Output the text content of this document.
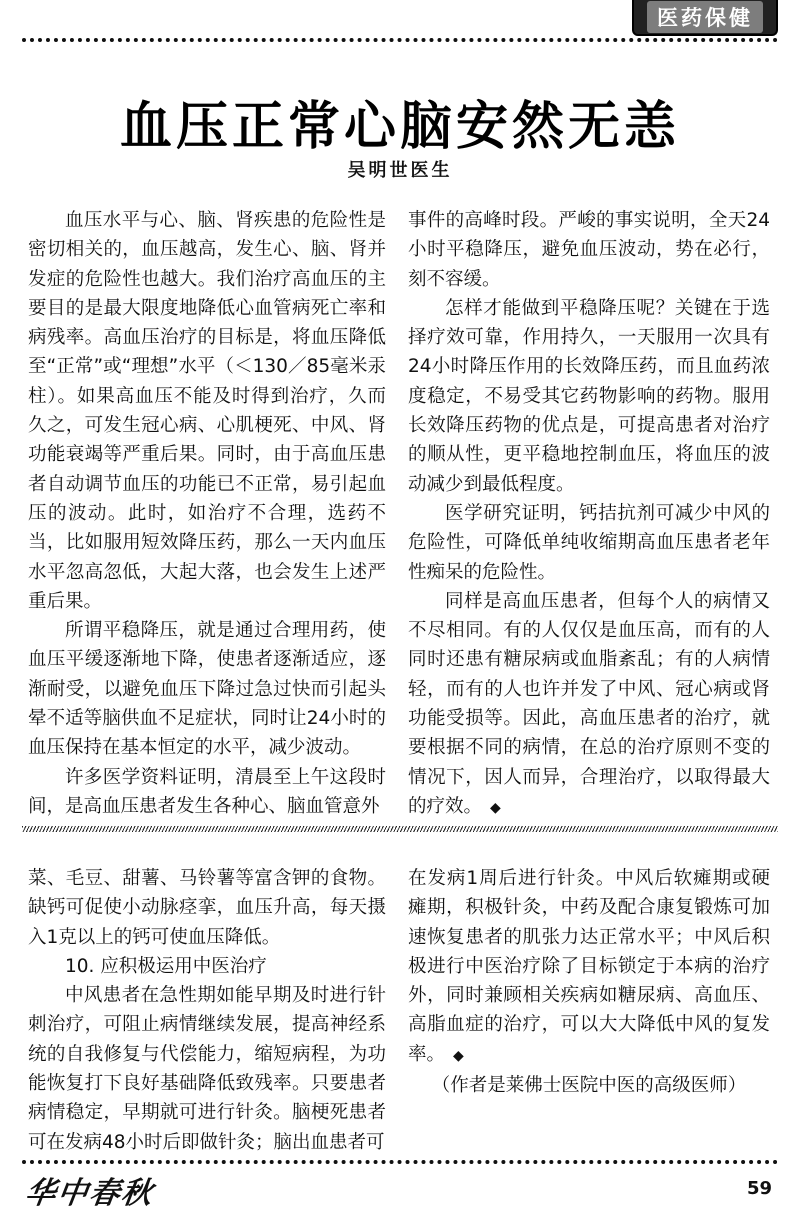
医药保健
血压正常心脑安然无恙
吴明世医生

血压水平与心、脑、肾疾患的危险性是密切相关的，血压越高，发生心、脑、肾并发症的危险性也越大。我们治疗高血压的主要目的是最大限度地降低心血管病死亡率和病残率。高血压治疗的目标是，将血压降低至“正常”或“理想”水平（＜130／85毫米汞柱）。如果高血压不能及时得到治疗，久而久之，可发生冠心病、心肌梗死、中风、肾功能衰竭等严重后果。同时，由于高血压患者自动调节血压的功能已不正常，易引起血压的波动。此时，如治疗不合理，选药不当，比如服用短效降压药，那么一天内血压水平忽高忽低，大起大落，也会发生上述严重后果。

所谓平稳降压，就是通过合理用药，使血压平缓逐渐地下降，使患者逐渐适应，逐渐耐受，以避免血压下降过急过快而引起头晕不适等脑供血不足症状，同时让24小时的血压保持在基本恒定的水平，减少波动。

许多医学资料证明，清晨至上午这段时间，是高血压患者发生各种心、脑血管意外

事件的高峰时段。严峻的事实说明，全天24小时平稳降压，避免血压波动，势在必行，刻不容缓。

怎样才能做到平稳降压呢？关键在于选择疗效可靠，作用持久，一天服用一次具有24小时降压作用的长效降压药，而且血药浓度稳定，不易受其它药物影响的药物。服用长效降压药物的优点是，可提高患者对治疗的顺从性，更平稳地控制血压，将血压的波动减少到最低程度。

医学研究证明，钙拮抗剂可减少中风的危险性，可降低单纯收缩期高血压患者老年性痴呆的危险性。

同样是高血压患者，但每个人的病情又不尽相同。有的人仅仅是血压高，而有的人同时还患有糖尿病或血脂紊乱；有的人病情轻，而有的人也许并发了中风、冠心病或肾功能受损等。因此，高血压患者的治疗，就要根据不同的病情，在总的治疗原则不变的情况下，因人而异，合理治疗，以取得最大的疗效。 ◆

菜、毛豆、甜薯、马铃薯等富含钾的食物。缺钙可促使小动脉痉挛，血压升高，每天摄入1克以上的钙可使血压降低。

10. 应积极运用中医治疗

中风患者在急性期如能早期及时进行针刺治疗，可阻止病情继续发展，提高神经系统的自我修复与代偿能力，缩短病程，为功能恢复打下良好基础降低致残率。只要患者病情稳定，早期就可进行针灸。脑梗死患者可在发病48小时后即做针灸；脑出血患者可

在发病1周后进行针灸。中风后软瘫期或硬瘫期，积极针灸，中药及配合康复锻炼可加速恢复患者的肌张力达正常水平；中风后积极进行中医治疗除了目标锁定于本病的治疗外，同时兼顾相关疾病如糖尿病、高血压、高脂血症的治疗，可以大大降低中风的复发率。 ◆

（作者是莱佛士医院中医的高级医师）

华中春秋	59
